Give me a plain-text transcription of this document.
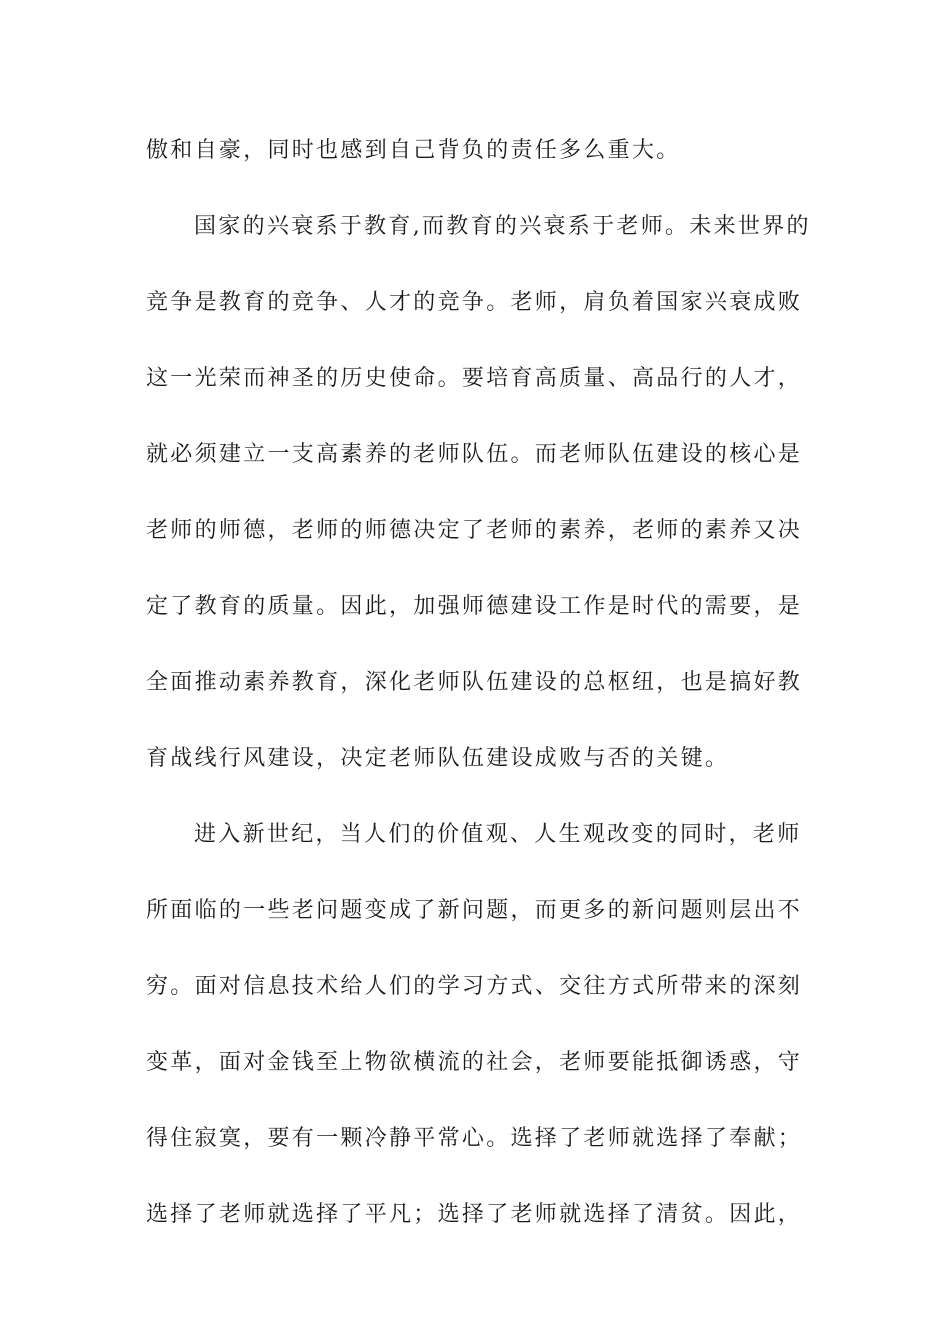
傲和自豪，同时也感到自己背负的责任多么重大。
国家的兴衰系于教育,而教育的兴衰系于老师。未来世界的
竞争是教育的竞争、人才的竞争。老师，肩负着国家兴衰成败
这一光荣而神圣的历史使命。要培育高质量、高品行的人才，
就必须建立一支高素养的老师队伍。而老师队伍建设的核心是
老师的师德，老师的师德决定了老师的素养，老师的素养又决
定了教育的质量。因此，加强师德建设工作是时代的需要，是
全面推动素养教育，深化老师队伍建设的总枢纽，也是搞好教
育战线行风建设，决定老师队伍建设成败与否的关键。
进入新世纪，当人们的价值观、人生观改变的同时，老师
所面临的一些老问题变成了新问题，而更多的新问题则层出不
穷。面对信息技术给人们的学习方式、交往方式所带来的深刻
变革，面对金钱至上物欲横流的社会，老师要能抵御诱惑，守
得住寂寞，要有一颗冷静平常心。选择了老师就选择了奉献；
选择了老师就选择了平凡；选择了老师就选择了清贫。因此，
